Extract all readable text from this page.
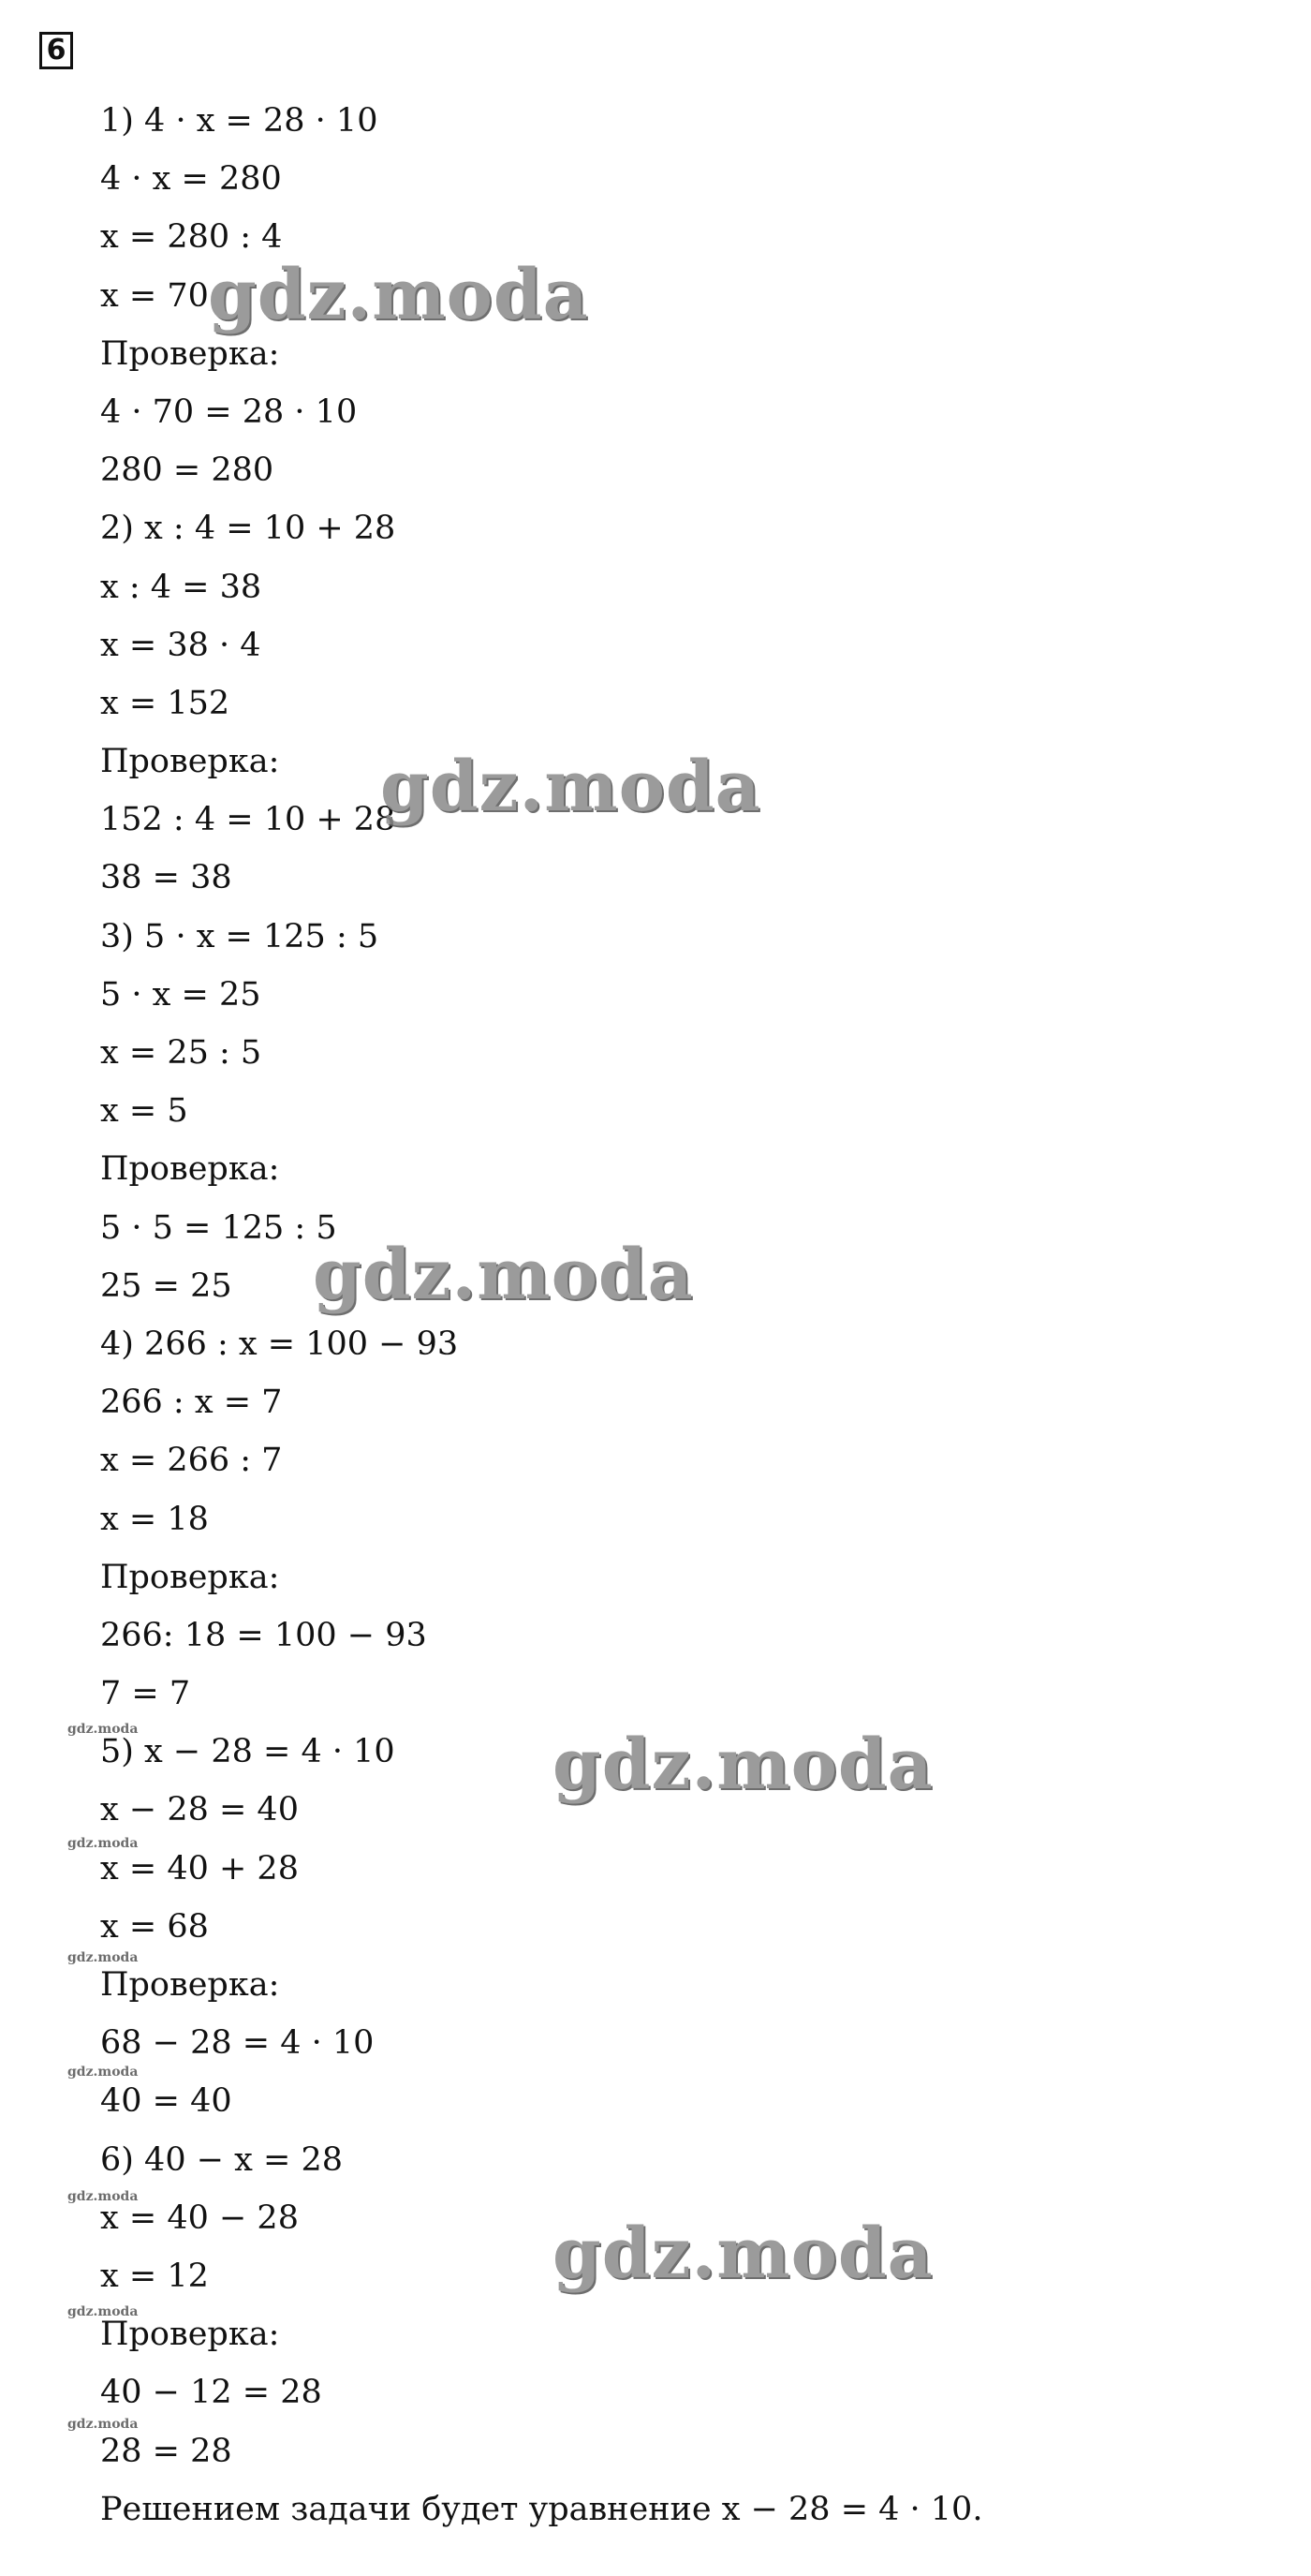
6
1) 4 · x = 28 · 10
4 · x = 280
x = 280 : 4
x = 70
Проверка:
4 · 70 = 28 · 10
280 = 280
2) x : 4 = 10 + 28
x : 4 = 38
x = 38 · 4
x = 152
Проверка:
152 : 4 = 10 + 28
38 = 38
3) 5 · x = 125 : 5
5 · x = 25
x = 25 : 5
x = 5
Проверка:
5 · 5 = 125 : 5
25 = 25
4) 266 : x = 100 − 93
266 : x = 7
x = 266 : 7
x = 18
Проверка:
266: 18 = 100 − 93
7 = 7
5) x − 28 = 4 · 10
x − 28 = 40
x = 40 + 28
x = 68
Проверка:
68 − 28 = 4 · 10
40 = 40
6) 40 − x = 28
x = 40 − 28
x = 12
Проверка:
40 − 12 = 28
28 = 28
Решением задачи будет уравнение x − 28 = 4 · 10.
gdz.moda
gdz.moda
gdz.moda
gdz.moda
gdz.moda
gdz.moda
gdz.moda
gdz.moda
gdz.moda
gdz.moda
gdz.moda
gdz.moda
